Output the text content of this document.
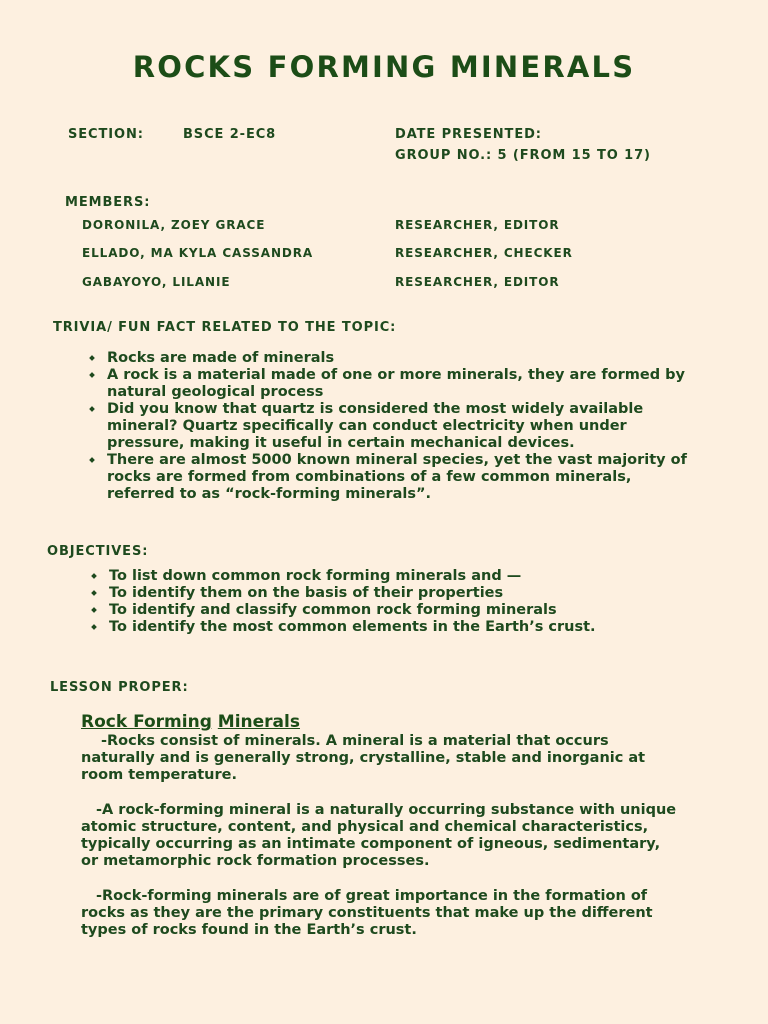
ROCKS FORMING MINERALS
SECTION:	BSCE 2-EC8	DATE PRESENTED:
GROUP NO.: 5 (FROM 15 TO 17)
MEMBERS:
DORONILA, ZOEY GRACE	RESEARCHER, EDITOR
ELLADO, MA KYLA CASSANDRA	RESEARCHER, CHECKER
GABAYOYO, LILANIE	RESEARCHER, EDITOR
TRIVIA/ FUN FACT RELATED TO THE TOPIC:
Rocks are made of minerals
A rock is a material made of one or more minerals, they are formed by natural geological process
Did you know that quartz is considered the most widely available mineral? Quartz specifically can conduct electricity when under pressure, making it useful in certain mechanical devices.
There are almost 5000 known mineral species, yet the vast majority of rocks are formed from combinations of a few common minerals, referred to as “rock-forming minerals”.
OBJECTIVES:
To list down common rock forming minerals and —
To identify them on the basis of their properties
To identify and classify common rock forming minerals
To identify the most common elements in the Earth’s crust.
LESSON PROPER:
Rock Forming Minerals
-Rocks consist of minerals. A mineral is a material that occurs naturally and is generally strong, crystalline, stable and inorganic at room temperature.
-A rock-forming mineral is a naturally occurring substance with unique atomic structure, content, and physical and chemical characteristics, typically occurring as an intimate component of igneous, sedimentary, or metamorphic rock formation processes.
-Rock-forming minerals are of great importance in the formation of rocks as they are the primary constituents that make up the different types of rocks found in the Earth’s crust.
